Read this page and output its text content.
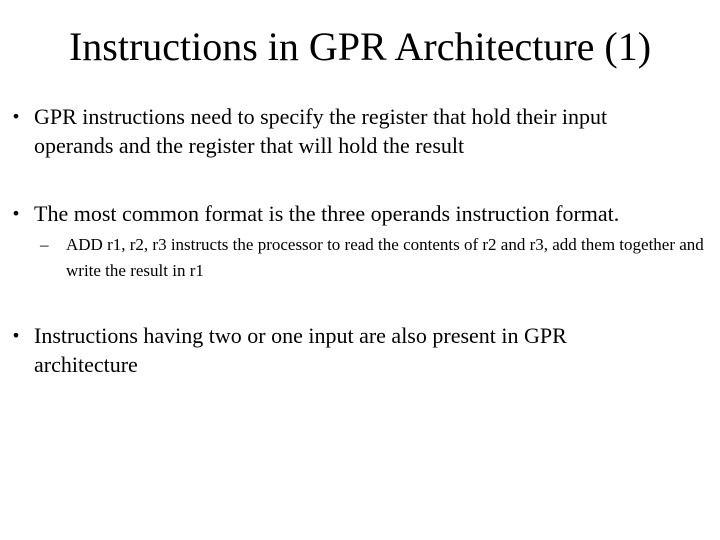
Instructions in GPR Architecture (1)
• GPR instructions need to specify the register that hold their input operands and the register that will hold the result
• The most common format is the three operands instruction format.
–	ADD r1, r2, r3 instructs the processor to read the contents of r2 and r3, add them together and write the result in r1
• Instructions having two or one input are also present in GPR architecture
